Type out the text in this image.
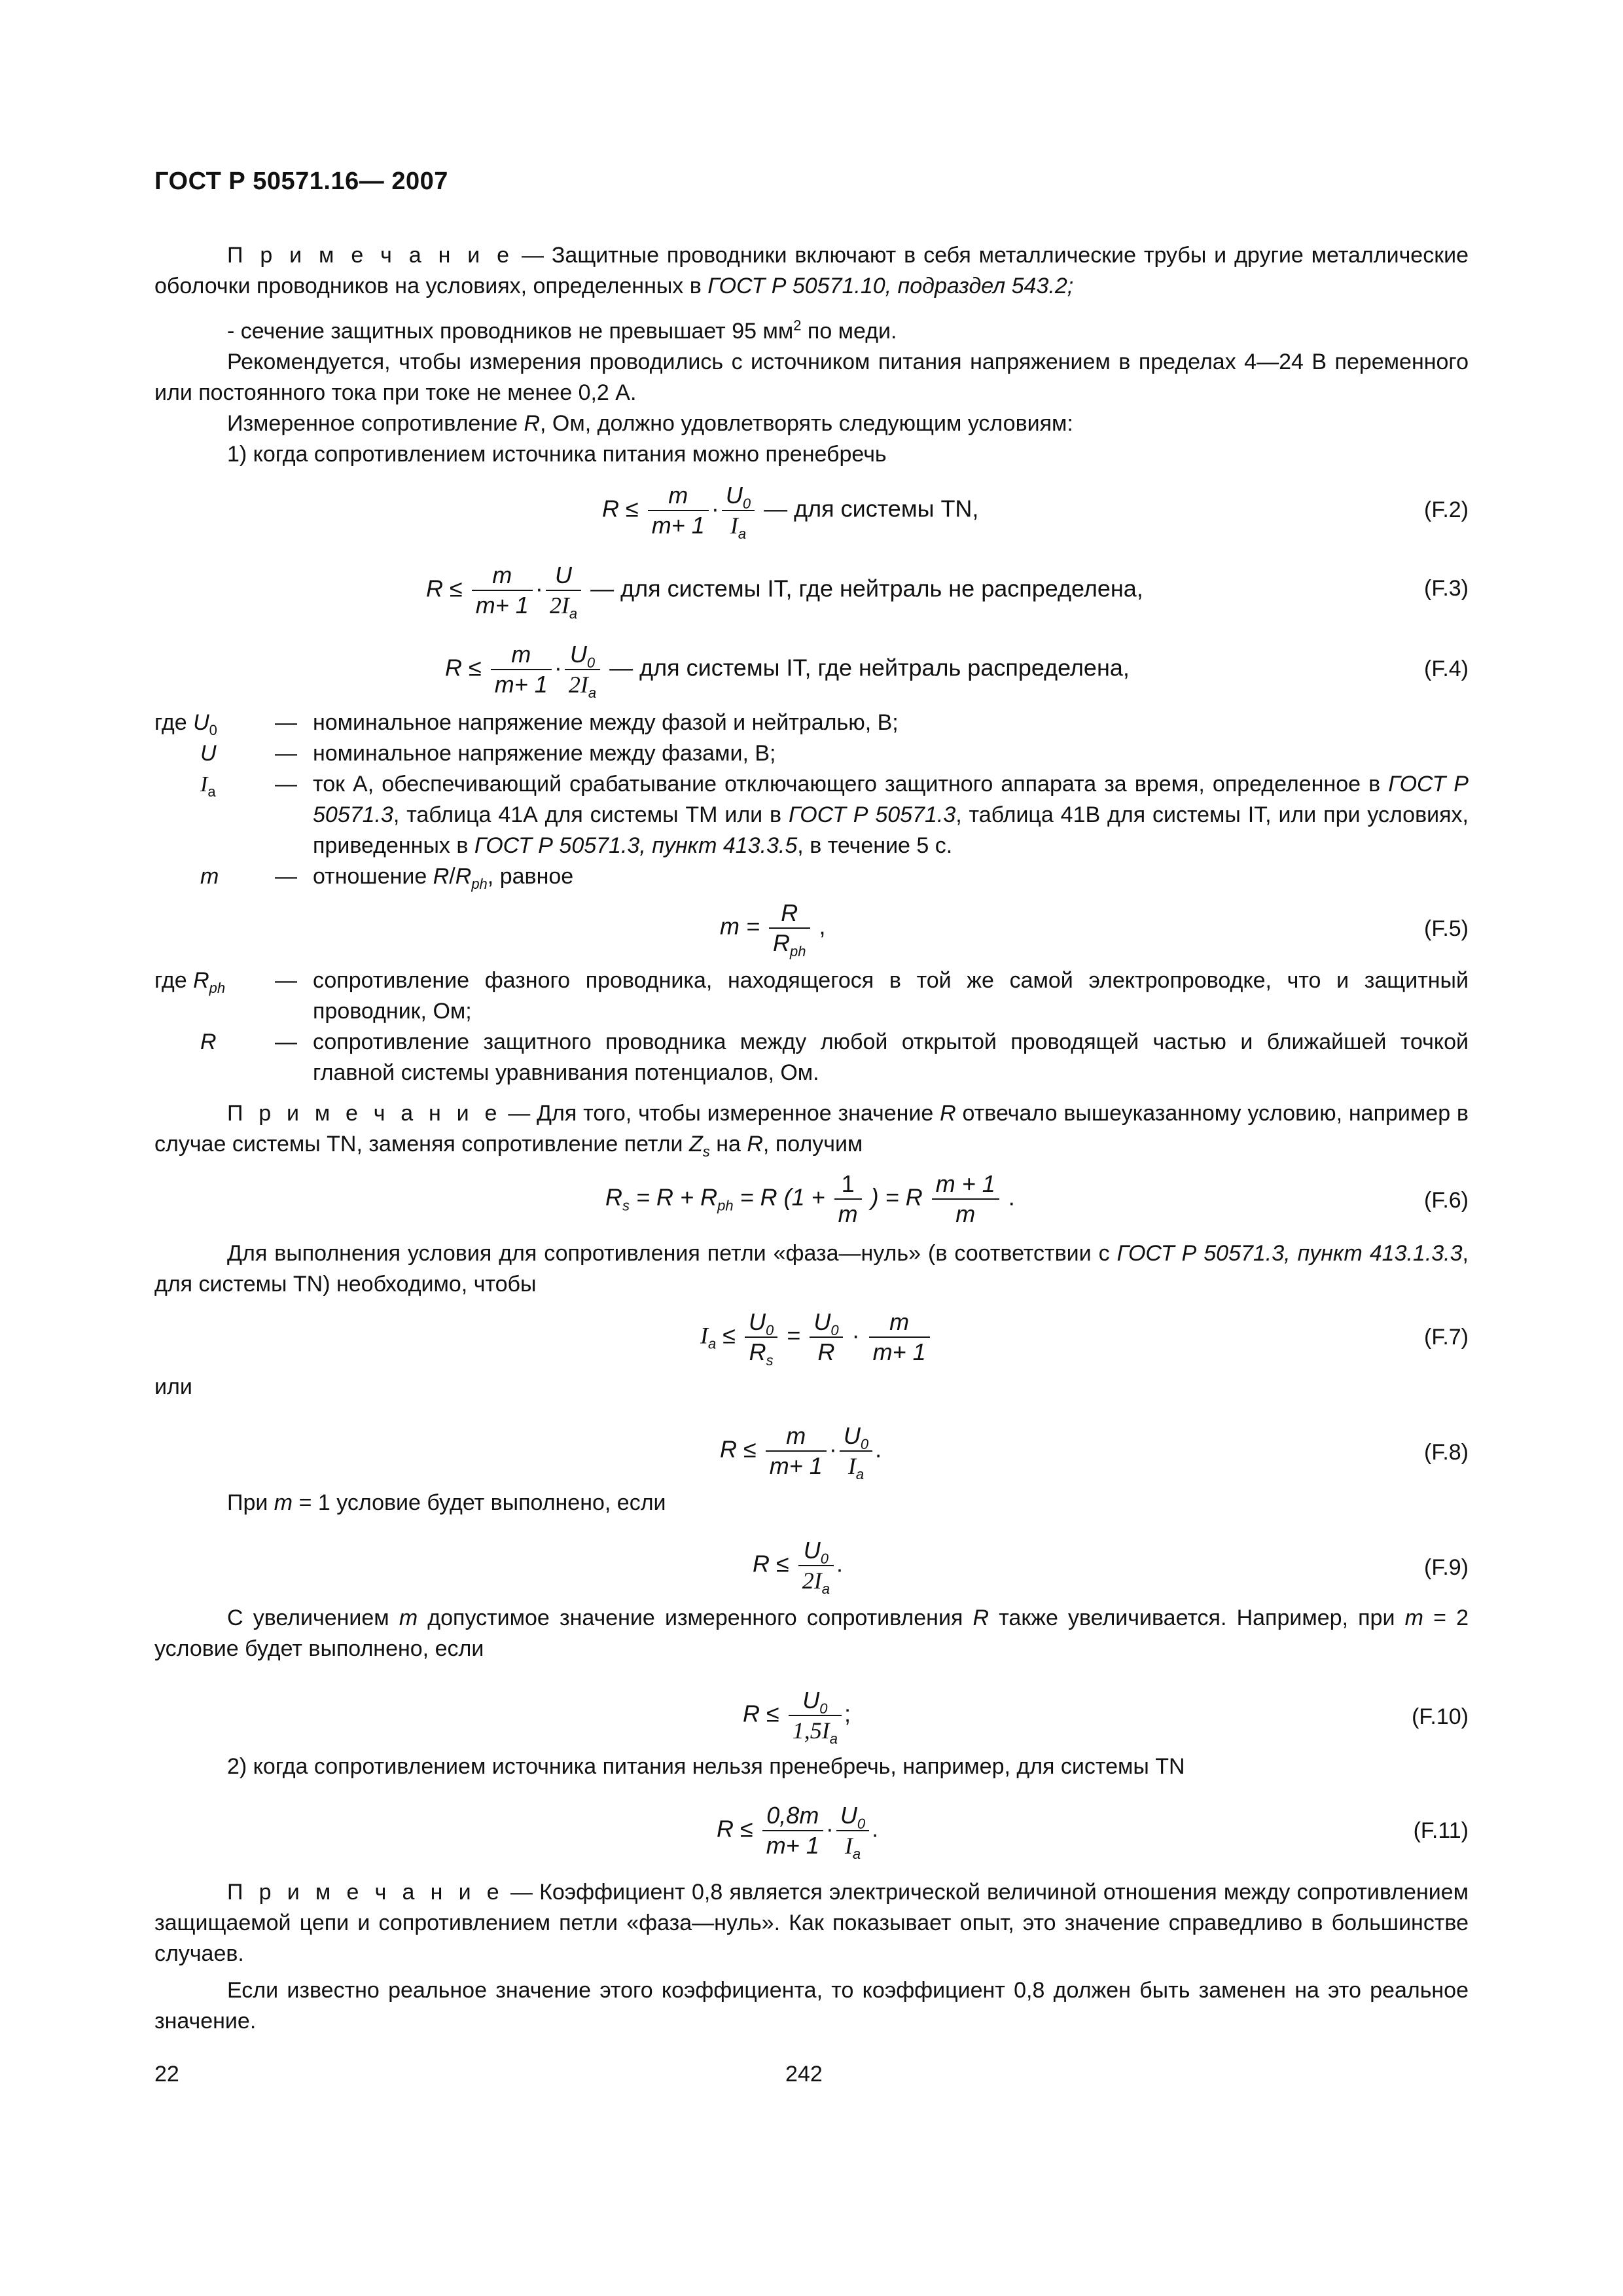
ГОСТ Р 50571.16— 2007
П р и м е ч а н и е — Защитные проводники включают в себя металлические трубы и другие металлические оболочки проводников на условиях, определенных в ГОСТ Р 50571.10, подраздел 543.2;
- сечение защитных проводников не превышает 95 $мм^2$ по меди.
Рекомендуется, чтобы измерения проводились с источником питания напряжением в пределах 4—24 В переменного или постоянного тока при токе не менее 0,2 А.
Измеренное сопротивление R, Ом, должно удовлетворять следующим условиям:
1) когда сопротивлением источника питания можно пренебречь
$R \le \frac{m}{m+ 1} \cdot \frac{U_0}{I_a}$ — для системы TN,	(F.2)
$R \le \frac{m}{m+ 1} \cdot \frac{U}{2I_a}$ — для системы IT, где нейтраль не распределена,	(F.3)
$R \le \frac{m}{m+ 1} \cdot \frac{U_0}{2I_a}$ — для системы IT, где нейтраль распределена,	(F.4)
где $U_0$	— номинальное напряжение между фазой и нейтралью, В;
U	— номинальное напряжение между фазами, В;
$I_a$	— ток А, обеспечивающий срабатывание отключающего защитного аппарата за время, определенное в ГОСТ Р 50571.3, таблица 41А для системы ТМ или в ГОСТ Р 50571.3, таблица 41В для системы IT, или при условиях, приведенных в ГОСТ Р 50571.3, пункт 413.3.5, в течение 5 с.
m	— отношение $R/R_{ph}$, равное
$m = \frac{R}{R_{ph}}$ ,	(F.5)
где $R_{ph}$	— сопротивление фазного проводника, находящегося в той же самой электропроводке, что и защитный проводник, Ом;
R	— сопротивление защитного проводника между любой открытой проводящей частью и ближайшей точкой главной системы уравнивания потенциалов, Ом.
П р и м е ч а н и е — Для того, чтобы измеренное значение R отвечало вышеуказанному условию, например в случае системы TN, заменяя сопротивление петли $Z_s$ на R, получим
$R_s = R + R_{ph} = R$ ($1 + \frac{1}{m}$ ) = R $\frac{m + 1}{m}$ .	(F.6)
Для выполнения условия для сопротивления петли «фаза—нуль» (в соответствии с ГОСТ Р 50571.3, пункт 413.1.3.3, для системы TN) необходимо, чтобы
$I_a \le \frac{U_0}{R_s} = \frac{U_0}{R} \cdot \frac{m}{m+ 1}$	(F.7)
или
$R \le \frac{m}{m+ 1} \cdot \frac{U_0}{I_a}$ .	(F.8)
При m = 1 условие будет выполнено, если
$R \le \frac{U_0}{2I_a}$ .	(F.9)
С увеличением m допустимое значение измеренного сопротивления R также увеличивается. Например, при m = 2 условие будет выполнено, если
$R \le \frac{U_0}{1,5I_a}$ ;	(F.10)
2) когда сопротивлением источника питания нельзя пренебречь, например, для системы TN
$R \le \frac{0,8m}{m+ 1} \cdot \frac{U_0}{I_a}$ .	(F.11)
П р и м е ч а н и е — Коэффициент 0,8 является электрической величиной отношения между сопротивлением защищаемой цепи и сопротивлением петли «фаза—нуль». Как показывает опыт, это значение справедливо в большинстве случаев.
Если известно реальное значение этого коэффициента, то коэффициент 0,8 должен быть заменен на это реальное значение.
22	242
